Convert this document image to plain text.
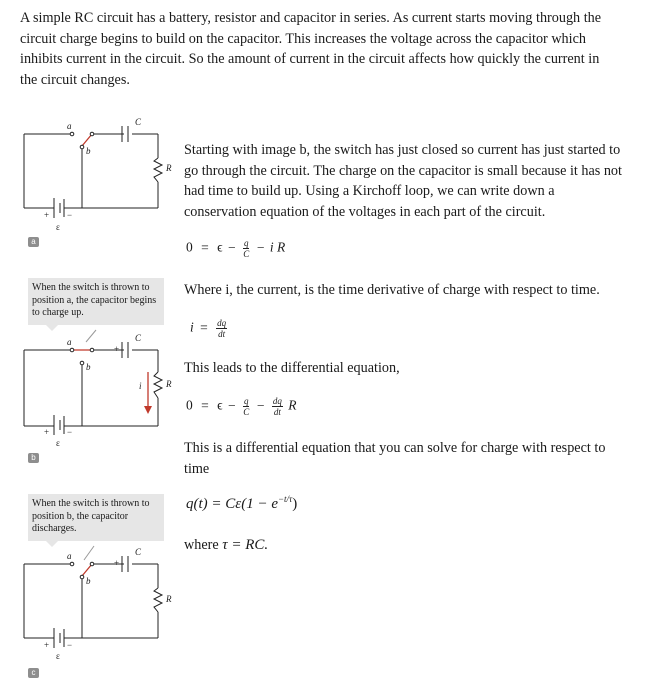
A simple RC circuit has a battery, resistor and capacitor in series. As current starts moving through the circuit charge begins to build on the capacitor. This increases the voltage across the capacitor which inhibits current in the circuit. So the amount of current in the circuit affects how quickly the current in the circuit changes.
a
b
C
R
ε
+ −
a
When the switch is thrown to position a, the capacitor begins to charge up.
a
b
C
+
i	R
ε
+ −
b
When the switch is thrown to position b, the capacitor discharges.
a
b
C
+
R
ε
+ −
c
Starting with image b, the switch has just closed so current has just started to go through the circuit. The charge on the capacitor is small because it has not had time to build up. Using a Kirchoff loop, we can write down a conservation equation of the voltages in each part of the circuit.
$0 = \epsilon - \frac{q}{C} - i$ R
Where i, the current, is the time derivative of charge with respect to time.
$i = \frac{dq}{dt}$
This leads to the differential equation,
$0 = \epsilon - \frac{q}{C} - \frac{dq}{dt}$ R
This is a differential equation that you can solve for charge with respect to time
$q(t) = C\varepsilon(1 - e^{-t/\tau})$
where τ = RC.
